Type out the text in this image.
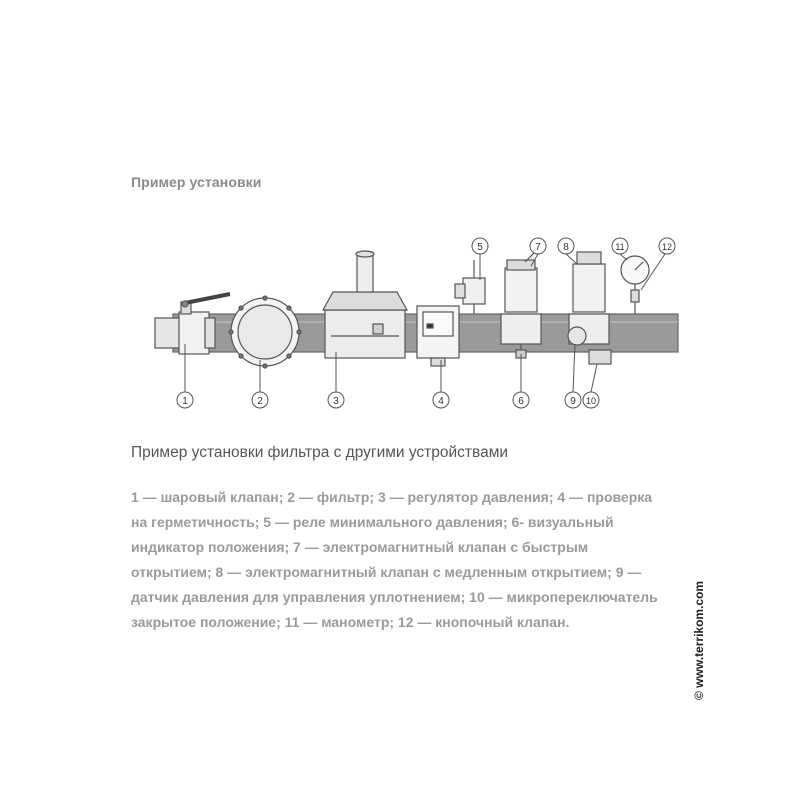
Пример установки
1	2	3	4
5
6
7 8
9 10
11	12
Пример установки фильтра с другими устройствами
1 — шаровый клапан; 2 — фильтр; 3 — регулятор давления; 4 — проверка
на герметичность; 5 — реле минимального давления; 6- визуальный
индикатор положения; 7 — электромагнитный клапан с быстрым
открытием; 8 — электромагнитный клапан с медленным открытием; 9 —
датчик давления для управления уплотнением; 10 — микропереключатель
закрытое положение; 11 — манометр; 12 — кнопочный клапан.	© www.terrikom.com
